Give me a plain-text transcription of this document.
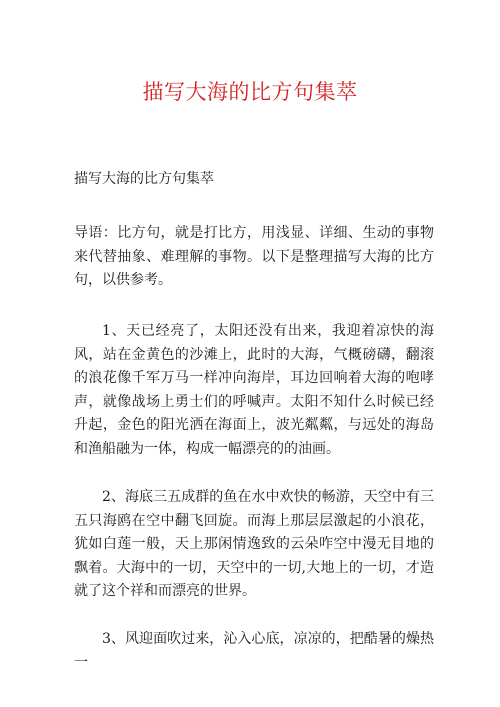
描写大海的比方句集萃
描写大海的比方句集萃

导语：比方句，就是打比方，用浅显、详细、生动的事物来代替抽象、难理解的事物。以下是整理描写大海的比方句，以供参考。

1、天已经亮了，太阳还没有出来，我迎着凉快的海风，站在金黄色的沙滩上，此时的大海，气概磅礴，翻滚的浪花像千军万马一样冲向海岸，耳边回响着大海的咆哮声，就像战场上勇士们的呼喊声。太阳不知什么时候已经升起，金色的阳光洒在海面上，波光粼粼，与远处的海岛和渔船融为一体，构成一幅漂亮的的油画。

2、海底三五成群的鱼在水中欢快的畅游，天空中有三五只海鸥在空中翻飞回旋。而海上那层层激起的小浪花，犹如白莲一般，天上那闲情逸致的云朵咋空中漫无目地的飘着。大海中的一切，天空中的一切,大地上的一切，才造就了这个祥和而漂亮的世界。

3、风迎面吹过来，沁入心底，凉凉的，把酷暑的燥热一
